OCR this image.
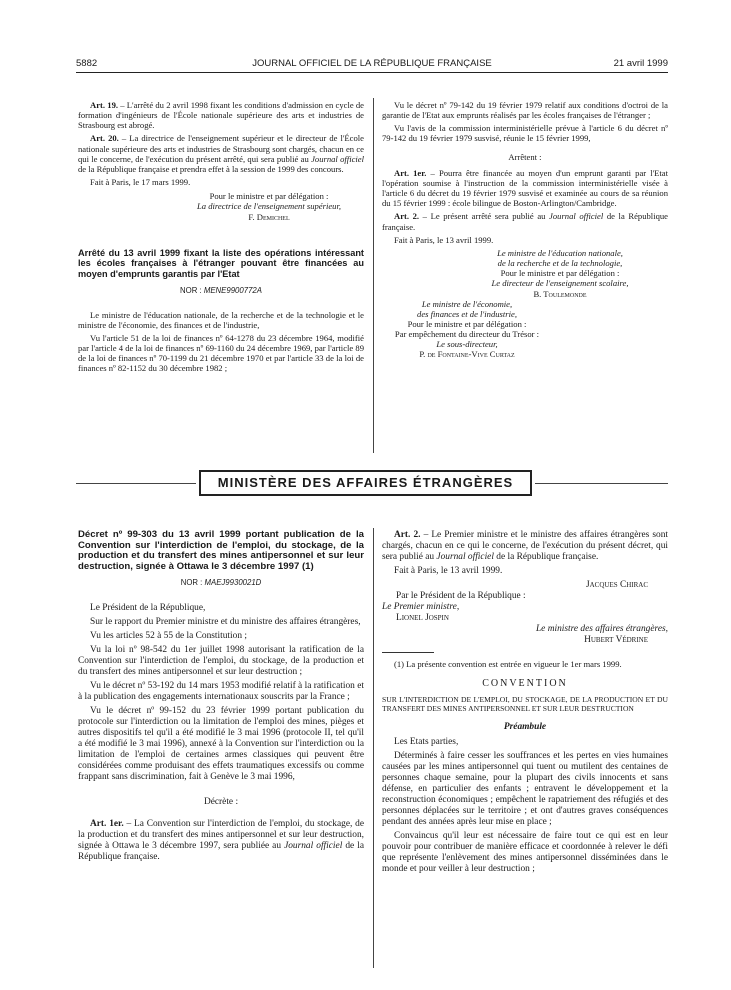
5882	JOURNAL OFFICIEL DE LA RÉPUBLIQUE FRANÇAISE	21 avril 1999

Art. 19. – L'arrêté du 2 avril 1998 fixant les conditions d'admission en cycle de formation d'ingénieurs de l'École nationale supérieure des arts et industries de Strasbourg est abrogé.

Art. 20. – La directrice de l'enseignement supérieur et le directeur de l'École nationale supérieure des arts et industries de Strasbourg sont chargés, chacun en ce qui le concerne, de l'exécution du présent arrêté, qui sera publié au Journal officiel de la République française et prendra effet à la session de 1999 des concours.

Fait à Paris, le 17 mars 1999.

Pour le ministre et par délégation :

La directrice de l'enseignement supérieur,

F. Demichel

Arrêté du 13 avril 1999 fixant la liste des opérations intéressant les écoles françaises à l'étranger pouvant être financées au moyen d'emprunts garantis par l'Etat

NOR : MENE9900772A

Le ministre de l'éducation nationale, de la recherche et de la technologie et le ministre de l'économie, des finances et de l'industrie,

Vu l'article 51 de la loi de finances nº 64-1278 du 23 décembre 1964, modifié par l'article 4 de la loi de finances nº 69-1160 du 24 décembre 1969, par l'article 89 de la loi de finances nº 70-1199 du 21 décembre 1970 et par l'article 33 de la loi de finances nº 82-1152 du 30 décembre 1982 ;

Vu le décret nº 79-142 du 19 février 1979 relatif aux conditions d'octroi de la garantie de l'Etat aux emprunts réalisés par les écoles françaises de l'étranger ;

Vu l'avis de la commission interministérielle prévue à l'article 6 du décret nº 79-142 du 19 février 1979 susvisé, réunie le 15 février 1999,

Arrêtent :

Art. 1er. – Pourra être financée au moyen d'un emprunt garanti par l'Etat l'opération soumise à l'instruction de la commission interministérielle visée à l'article 6 du décret du 19 février 1979 susvisé et examinée au cours de sa réunion du 15 février 1999 : école bilingue de Boston-Arlington/Cambridge.

Art. 2. – Le présent arrêté sera publié au Journal officiel de la République française.

Fait à Paris, le 13 avril 1999.

Le ministre de l'éducation nationale,

de la recherche et de la technologie,

Pour le ministre et par délégation :

Le directeur de l'enseignement scolaire,

B. Toulemonde

Le ministre de l'économie,

des finances et de l'industrie,

Pour le ministre et par délégation :

Par empêchement du directeur du Trésor :

Le sous-directeur,

P. de Fontaine-Vive Curtaz

MINISTÈRE DES AFFAIRES ÉTRANGÈRES

Décret nº 99-303 du 13 avril 1999 portant publication de la Convention sur l'interdiction de l'emploi, du stockage, de la production et du transfert des mines antipersonnel et sur leur destruction, signée à Ottawa le 3 décembre 1997 (1)

NOR : MAEJ9930021D

Le Président de la République,

Sur le rapport du Premier ministre et du ministre des affaires étrangères,

Vu les articles 52 à 55 de la Constitution ;

Vu la loi nº 98-542 du 1er juillet 1998 autorisant la ratification de la Convention sur l'interdiction de l'emploi, du stockage, de la production et du transfert des mines antipersonnel et sur leur destruction ;

Vu le décret nº 53-192 du 14 mars 1953 modifié relatif à la ratification et à la publication des engagements internationaux souscrits par la France ;

Vu le décret nº 99-152 du 23 février 1999 portant publication du protocole sur l'interdiction ou la limitation de l'emploi des mines, pièges et autres dispositifs tel qu'il a été modifié le 3 mai 1996 (protocole II, tel qu'il a été modifié le 3 mai 1996), annexé à la Convention sur l'interdiction ou la limitation de l'emploi de certaines armes classiques qui peuvent être considérées comme produisant des effets traumatiques excessifs ou comme frappant sans discrimination, fait à Genève le 3 mai 1996,

Décrète :

Art. 1er. – La Convention sur l'interdiction de l'emploi, du stockage, de la production et du transfert des mines antipersonnel et sur leur destruction, signée à Ottawa le 3 décembre 1997, sera publiée au Journal officiel de la République française.

Art. 2. – Le Premier ministre et le ministre des affaires étrangères sont chargés, chacun en ce qui le concerne, de l'exécution du présent décret, qui sera publié au Journal officiel de la République française.

Fait à Paris, le 13 avril 1999.

Jacques Chirac

Par le Président de la République :

Le Premier ministre,

Lionel Jospin

Le ministre des affaires étrangères,

Hubert Védrine

(1) La présente convention est entrée en vigueur le 1er mars 1999.

CONVENTION

SUR L'INTERDICTION DE L'EMPLOI, DU STOCKAGE, DE LA PRODUCTION ET DU TRANSFERT DES MINES ANTIPERSONNEL ET SUR LEUR DESTRUCTION

Préambule

Les Etats parties,

Déterminés à faire cesser les souffrances et les pertes en vies humaines causées par les mines antipersonnel qui tuent ou mutilent des centaines de personnes chaque semaine, pour la plupart des civils innocents et sans défense, en particulier des enfants ; entravent le développement et la reconstruction économiques ; empêchent le rapatriement des réfugiés et des personnes déplacées sur le territoire ; et ont d'autres graves conséquences pendant des années après leur mise en place ;

Convaincus qu'il leur est nécessaire de faire tout ce qui est en leur pouvoir pour contribuer de manière efficace et coordonnée à relever le défi que représente l'enlèvement des mines antipersonnel disséminées dans le monde et pour veiller à leur destruction ;
